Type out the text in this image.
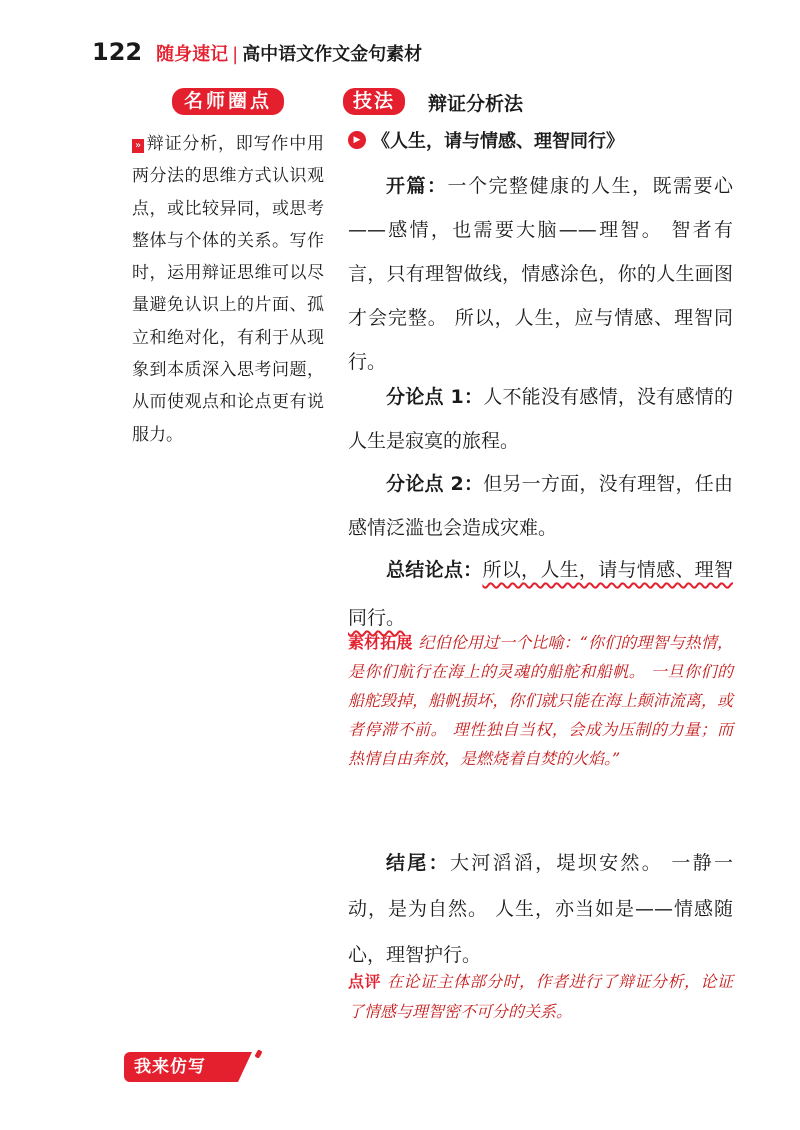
122 随身速记 | 高中语文作文金句素材
名师圈点
» 辩证分析，即写作中用两分法的思维方式认识观点，或比较异同，或思考整体与个体的关系。写作时，运用辩证思维可以尽量避免认识上的片面、孤立和绝对化，有利于从现象到本质深入思考问题，从而使观点和论点更有说服力。
技法	辩证分析法
▶ 《人生，请与情感、理智同行》
开篇：一个完整健康的人生，既需要心——感情，也需要大脑——理智。 智者有言，只有理智做线，情感涂色，你的人生画图才会完整。 所以，人生，应与情感、理智同行。
分论点 1：人不能没有感情，没有感情的人生是寂寞的旅程。
分论点 2：但另一方面，没有理智，任由感情泛滥也会造成灾难。
总结论点：所以，人生，请与情感、理智同行。
素材拓展 纪伯伦用过一个比喻：“你们的理智与热情，是你们航行在海上的灵魂的船舵和船帆。 一旦你们的船舵毁掉，船帆损坏，你们就只能在海上颠沛流离，或者停滞不前。 理性独自当权，会成为压制的力量；而热情自由奔放，是燃烧着自焚的火焰。”
结尾：大河滔滔，堤坝安然。 一静一动，是为自然。 人生，亦当如是——情感随心，理智护行。
点评 在论证主体部分时，作者进行了辩证分析，论证了情感与理智密不可分的关系。
我来仿写
